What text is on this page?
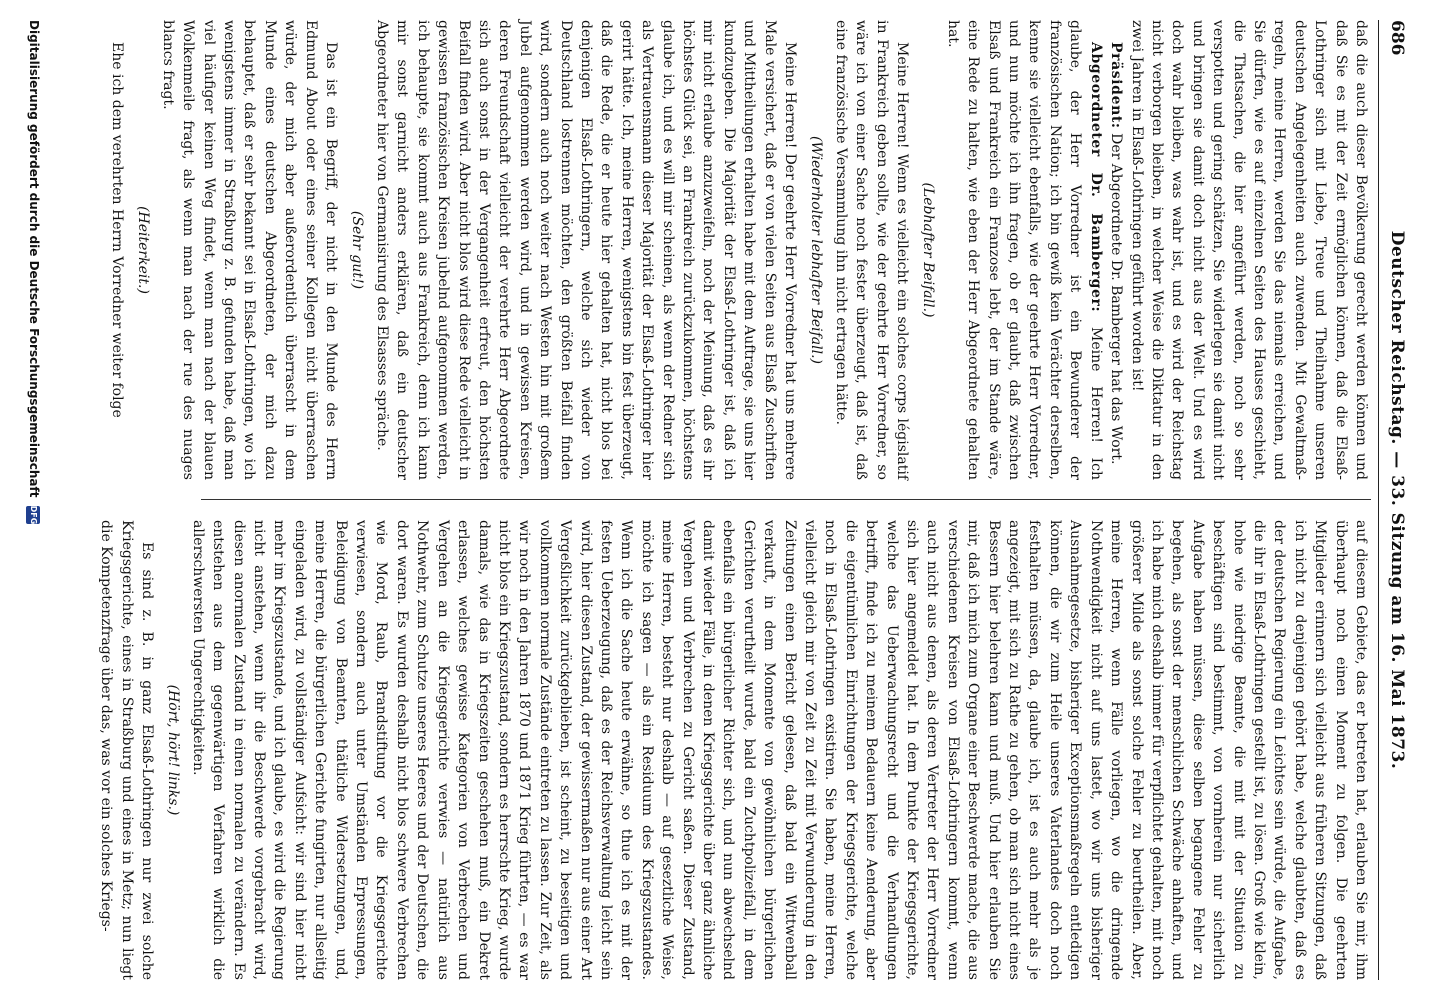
686
Deutscher Reichstag. — 33. Sitzung am 16. Mai 1873.

daß die auch dieser Bevölkerung gerecht werden können und daß Sie es mit der Zeit ermöglichen können, daß die Elsaß-Lothringer sich mit Liebe, Treue und Theilnahme unseren deutschen Angelegenheiten auch zuwenden. Mit Gewaltmaß-regeln, meine Herren, werden Sie das niemals erreichen, und Sie dürfen, wie es auf einzelnen Seiten des Hauses geschieht, die Thatsachen, die hier angeführt werden, noch so sehr verspotten und gering schätzen, Sie widerlegen sie damit nicht und bringen sie damit doch nicht aus der Welt. Und es wird doch wahr bleiben, was wahr ist, und es wird der Reichstag nicht verborgen bleiben, in welcher Weise die Diktatur in den zwei Jahren in Elsaß-Lothringen geführt worden ist!

Präsident: Der Abgeordnete Dr. Bamberger hat das Wort.

Abgeordneter Dr. Bamberger: Meine Herren! Ich glaube, der Herr Vorredner ist ein Bewunderer der französischen Nation; ich bin gewiß kein Verächter derselben, kenne sie vielleicht ebenfalls, wie der geehrte Herr Vorredner, und nun möchte ich ihn fragen, ob er glaubt, daß zwischen Elsaß und Frankreich ein Franzose lebt, der im Stande wäre, eine Rede zu halten, wie eben der Herr Abgeordnete gehalten hat.

(Lebhafter Beifall.)

Meine Herren! Wenn es vielleicht ein solches corps législatif in Frankreich geben sollte, wie der geehrte Herr Vorredner, so wäre ich von einer Sache noch fester überzeugt, daß ist, daß eine französische Versammlung ihn nicht ertragen hätte.

(Wiederholter lebhafter Beifall.)

Meine Herren! Der geehrte Herr Vorredner hat uns mehrere Male versichert, daß er von vielen Seiten aus Elsaß Zuschriften und Mittheilungen erhalten habe mit dem Auftrage, sie uns hier kundzugeben. Die Majorität der Elsaß-Lothringer ist, daß ich mir nicht erlaube anzuzweifeln, noch der Meinung, daß es ihr höchstes Glück sei, an Frankreich zurückzukommen, höchstens glaube ich, und es will mir scheinen, als wenn der Redner sich als Vertrauensmann dieser Majorität der Elsaß-Lothringer hier gerirt hätte. Ich, meine Herren, wenigstens bin fest überzeugt, daß die Rede, die er heute hier gehalten hat, nicht blos bei denjenigen Elsaß-Lothringern, welche sich wieder von Deutschland lostrennen möchten, den größten Beifall finden wird, sondern auch noch weiter nach Westen hin mit großem Jubel aufgenommen werden wird, und in gewissen Kreisen, deren Freundschaft vielleicht der verehrte Herr Abgeordnete sich auch sonst in der Vergangenheit erfreut, den höchsten Beifall finden wird. Aber nicht blos wird diese Rede vielleicht in gewissen französischen Kreisen jubelnd aufgenommen werden, ich behaupte, sie kommt auch aus Frankreich, denn ich kann mir sonst garnicht anders erklären, daß ein deutscher Abgeordneter hier von Germanisirung des Elsasses spräche.

(Sehr gut!)

Das ist ein Begriff, der nicht in den Munde des Herrn Edmund About oder eines seiner Kollegen nicht überraschen würde, der mich aber außerordentlich überrascht in dem Munde eines deutschen Abgeordneten, der mich dazu behauptet, daß er sehr bekannt sei in Elsaß-Lothringen, wo ich wenigstens immer in Straßburg z. B. gefunden habe, daß man viel häufiger keinen Weg findet, wenn man nach der blauen Wolkenmeile fragt, als wenn man nach der rue des nuages blancs fragt.

(Heiterkeit.)

Ehe ich dem verehrten Herrn Vorredner weiter folge

auf diesem Gebiete, das er betreten hat, erlauben Sie mir, ihm überhaupt noch einen Moment zu folgen. Die geehrten Mitglieder erinnern sich vielleicht aus früheren Sitzungen, daß ich nicht zu denjenigen gehört habe, welche glaubten, daß es der deutschen Regierung ein Leichtes sein würde, die Aufgabe, die ihr in Elsaß-Lothringen gestellt ist, zu lösen. Groß wie klein, hohe wie niedrige Beamte, die mit mit der Situation zu beschäftigen sind bestimmt, von vornherein nur sicherlich Aufgabe haben müssen, diese selben begangene Fehler zu begehen, als sonst der menschlichen Schwäche anhaften, und ich habe mich deshalb immer für verpflichtet gehalten, mit noch größerer Milde als sonst solche Fehler zu beurtheilen. Aber, meine Herren, wenn Fälle vorliegen, wo die dringende Nothwendigkeit nicht auf uns lastet, wo wir uns bisheriger Ausnahmegesetze, bisheriger Exceptionsmaßregeln entledigen können, die wir zum Heile unseres Vaterlandes doch noch festhalten müssen, da, glaube ich, ist es auch mehr als je angezeigt, mit sich zu Rathe zu gehen, ob man sich nicht eines Bessern hier belehren kann und muß. Und hier erlauben Sie mir, daß ich mich zum Organe einer Beschwerde mache, die aus verschiedenen Kreisen von Elsaß-Lothringern kommt, wenn auch nicht aus denen, als deren Vertreter der Herr Vorredner sich hier angemeldet hat. In dem Punkte der Kriegsgerichte, welche das Ueberwachungsrecht und die Verhandlungen betrifft, finde ich zu meinem Bedauern keine Aenderung, aber die eigentümlichen Einrichtungen der Kriegsgerichte, welche noch in Elsaß-Lothringen existiren. Sie haben, meine Herren, vielleicht gleich mir von Zeit zu Zeit mit Verwunderung in den Zeitungen einen Bericht gelesen, daß bald ein Wittwenball verkauft, in dem Momente von gewöhnlichen bürgerlichen Gerichten verurtheilt wurde, bald ein Zuchtpolizeifall, in dem ebenfalls ein bürgerlicher Richter sich, und nun abwechselnd damit wieder Fälle, in denen Kriegsgerichte über ganz ähnliche Vergehen und Verbrechen zu Gericht saßen. Dieser Zustand, meine Herren, besteht nur deshalb — auf geseztliche Weise, möchte ich sagen — als ein Residuum des Kriegszustandes. Wenn ich die Sache heute erwähne, so thue ich es mit der festen Ueberzeugung, daß es der Reichsverwaltung leicht sein wird, hier diesen Zustand, der gewissermaßen nur aus einer Art Vergeßlichkeit zurückgeblieben, ist scheint, zu beseitigen und vollkommen normale Zustände eintreten zu lassen. Zur Zeit, als wir noch in den Jahren 1870 und 1871 Krieg führten, — es war nicht blos ein Kriegszustand, sondern es herrschte Krieg, wurde damals, wie das in Kriegszeiten geschehen muß, ein Dekret erlassen, welches gewisse Kategorien von Verbrechen und Vergehen an die Kriegsgerichte verwies — natürlich aus Nothwehr, zum Schutze unseres Heeres und der Deutschen, die dort waren. Es wurden deshalb nicht blos schwere Verbrechen wie Mord, Raub, Brandstiftung vor die Kriegsgerichte verwiesen, sondern auch unter Umständen Erpressungen, Beleidigung von Beamten, thätliche Widersetzungen, und, meine Herren, die bürgerlichen Gerichte fungirten, nur allseitig eingeladen wird, zu vollständiger Aufsicht: wir sind hier nicht mehr im Kriegszustande, und ich glaube, es wird die Regierung nicht anstehen, wenn ihr die Beschwerde vorgebracht wird, diesen anormalen Zustand in einen normalen zu verändern. Es entstehen aus dem gegenwärtigen Verfahren wirklich die allerschwersten Ungerechtigkeiten.

(Hört, hört! links.)

Es sind z. B. in ganz Elsaß-Lothringen nur zwei solche Kriegsgerichte, eines in Straßburg und eines in Metz; nun liegt die Kompetenzfrage über das, was vor ein solches Kriegs-

Digitalisierung gefördert durch die Deutsche Forschungsgemeinschaft DFG
